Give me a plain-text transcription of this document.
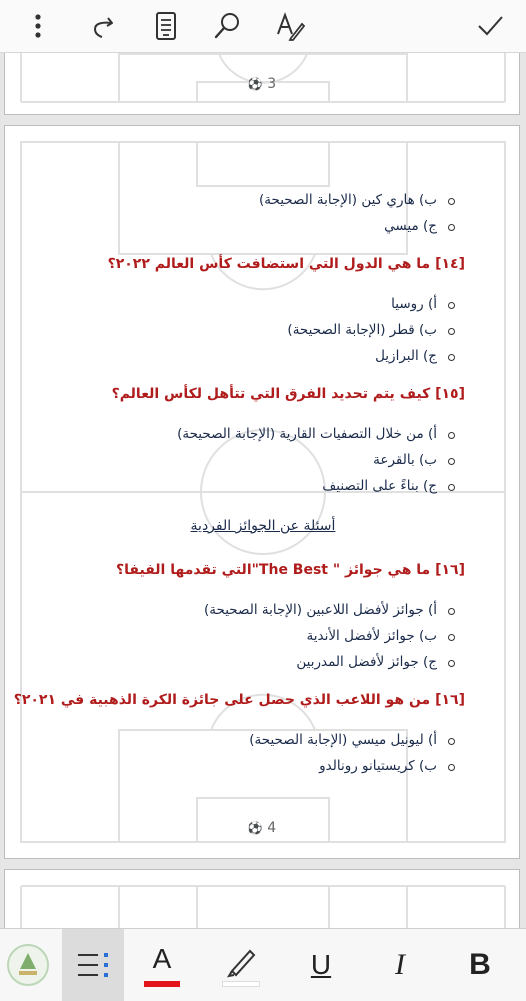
⚽ 3
ب) هاري كين (الإجابة الصحيحة)
ج) ميسي
[١٤] ما هي الدول التي استضافت كأس العالم ٢٠٢٢؟
أ) روسيا
ب) قطر (الإجابة الصحيحة)
ج) البرازيل
[١٥] كيف يتم تحديد الفرق التي تتأهل لكأس العالم؟
أ) من خلال التصفيات القارية (الإجابة الصحيحة)
ب) بالقرعة
ج) بناءً على التصنيف
أسئلة عن الجوائز الفردية
[١٦] ما هي جوائز " The Best"التي تقدمها الفيفا؟
أ) جوائز لأفضل اللاعبين (الإجابة الصحيحة)
ب) جوائز لأفضل الأندية
ج) جوائز لأفضل المدربين
[١٦] من هو اللاعب الذي حصل على جائزة الكرة الذهبية في ٢٠٢١؟
أ) ليونيل ميسي (الإجابة الصحيحة)
ب) كريستيانو رونالدو
⚽ 4
A	U I B
